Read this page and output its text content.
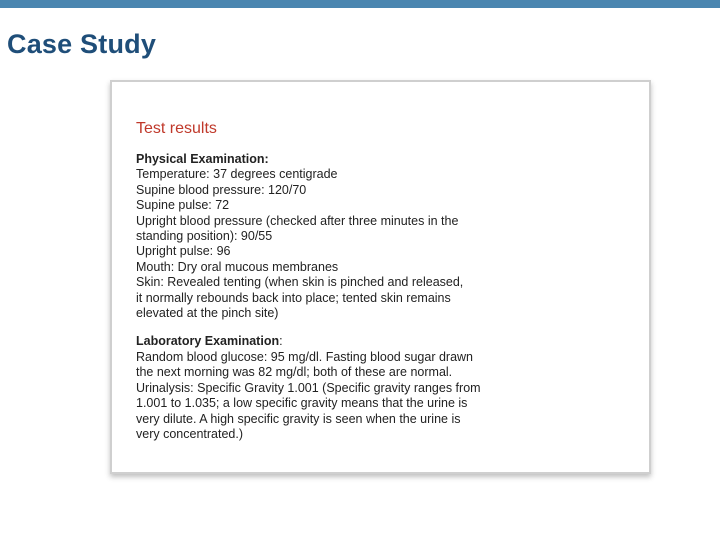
Case Study
Test results

Physical Examination:

Temperature: 37 degrees centigrade

Supine blood pressure: 120/70

Supine pulse: 72

Upright blood pressure (checked after three minutes in the

standing position): 90/55

Upright pulse: 96

Mouth: Dry oral mucous membranes

Skin: Revealed tenting (when skin is pinched and released,

it normally rebounds back into place; tented skin remains

elevated at the pinch site)

Laboratory Examination:

Random blood glucose: 95 mg/dl. Fasting blood sugar drawn

the next morning was 82 mg/dl; both of these are normal.

Urinalysis: Specific Gravity 1.001 (Specific gravity ranges from

1.001 to 1.035; a low specific gravity means that the urine is

very dilute. A high specific gravity is seen when the urine is

very concentrated.)
